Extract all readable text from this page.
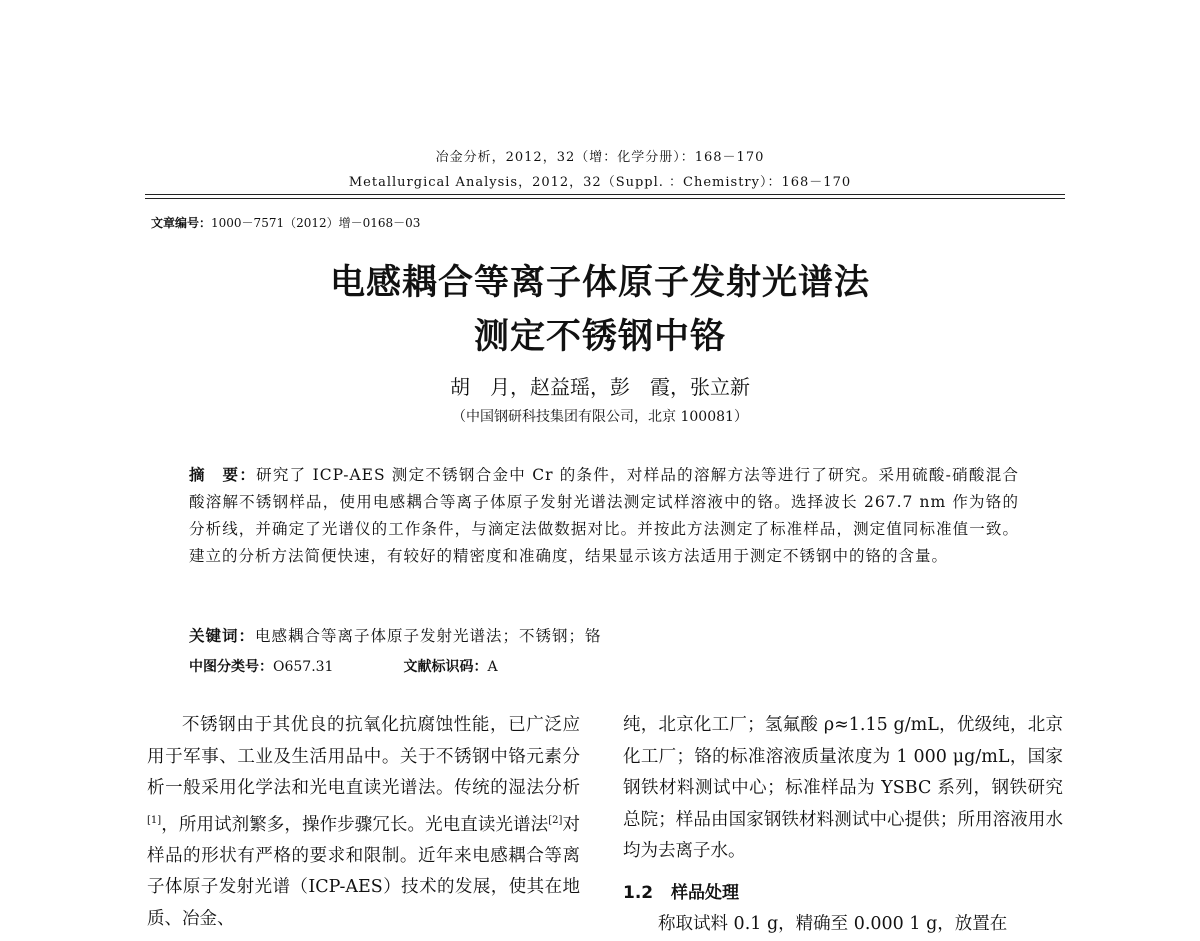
冶金分析，2012，32（增：化学分册）：168－170
Metallurgical Analysis，2012，32（Suppl. ：Chemistry）：168－170
文章编号：1000－7571（2012）增－0168－03
电感耦合等离子体原子发射光谱法
测定不锈钢中铬
胡　月，赵益瑶，彭　霞，张立新
（中国钢研科技集团有限公司，北京 100081）
摘　要：研究了 ICP-AES 测定不锈钢合金中 Cr 的条件，对样品的溶解方法等进行了研究。采用硫酸-硝酸混合酸溶解不锈钢样品，使用电感耦合等离子体原子发射光谱法测定试样溶液中的铬。选择波长 267.7 nm 作为铬的分析线，并确定了光谱仪的工作条件，与滴定法做数据对比。并按此方法测定了标准样品，测定值同标准值一致。建立的分析方法简便快速，有较好的精密度和准确度，结果显示该方法适用于测定不锈钢中的铬的含量。
关键词：电感耦合等离子体原子发射光谱法；不锈钢；铬
中图分类号：O657.31	文献标识码：A
不锈钢由于其优良的抗氧化抗腐蚀性能，已广泛应用于军事、工业及生活用品中。关于不锈钢中铬元素分析一般采用化学法和光电直读光谱法。传统的湿法分析[1]，所用试剂繁多，操作步骤冗长。光电直读光谱法[2]对样品的形状有严格的要求和限制。近年来电感耦合等离子体原子发射光谱（ICP-AES）技术的发展，使其在地质、冶金、
纯，北京化工厂；氢氟酸 ρ≈1.15 g/mL，优级纯，北京化工厂；铬的标准溶液质量浓度为 1 000 μg/mL，国家钢铁材料测试中心；标准样品为 YSBC 系列，钢铁研究总院；样品由国家钢铁材料测试中心提供；所用溶液用水均为去离子水。
1.2 样品处理
称取试料 0.1 g，精确至 0.000 1 g，放置在
